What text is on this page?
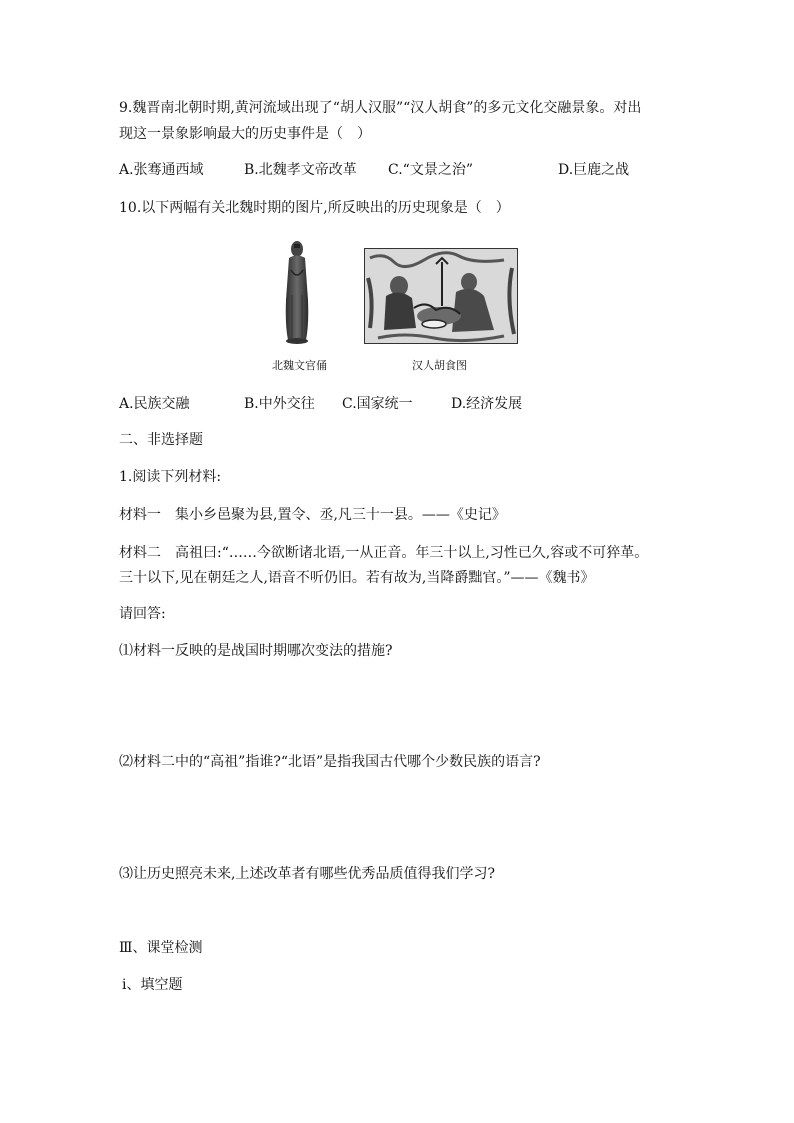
9.魏晋南北朝时期,黄河流域出现了“胡人汉服”“汉人胡食”的多元文化交融景象。对出
现这一景象影响最大的历史事件是（　）
A.张骞通西域	B.北魏孝文帝改革 C.“文景之治”	D.巨鹿之战
10.以下两幅有关北魏时期的图片,所反映出的历史现象是（　）
北魏文官俑	汉人胡食图
A.民族交融	B.中外交往 C.国家统一	D.经济发展
二、非选择题
1.阅读下列材料:
材料一　集小乡邑聚为县,置令、丞,凡三十一县。——《史记》
材料二　高祖曰:“……今欲断诸北语,一从正音。年三十以上,习性已久,容或不可猝革。
三十以下,见在朝廷之人,语音不听仍旧。若有故为,当降爵黜官。”——《魏书》
请回答:
⑴材料一反映的是战国时期哪次变法的措施?
⑵材料二中的“高祖”指谁?“北语”是指我国古代哪个少数民族的语言?
⑶让历史照亮未来,上述改革者有哪些优秀品质值得我们学习?
Ⅲ、课堂检测
ⅰ、填空题
